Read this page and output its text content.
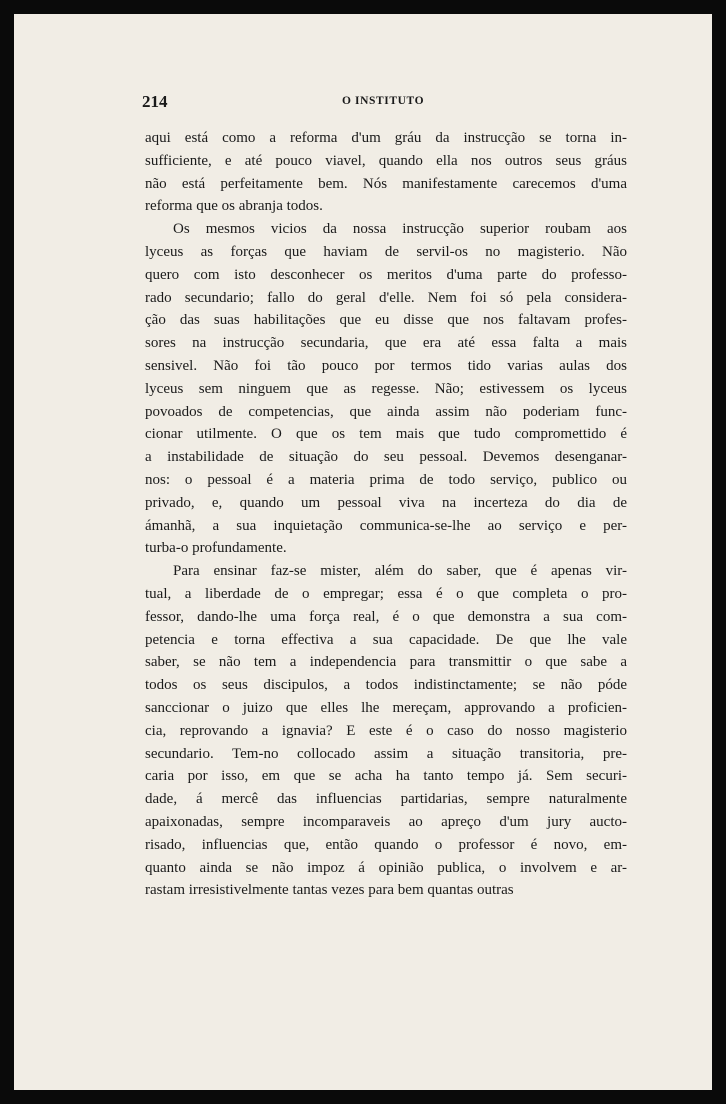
214	O INSTITUTO
aqui está como a reforma d'um gráu da instrucção se torna in-
sufficiente, e até pouco viavel, quando ella nos outros seus gráus
não está perfeitamente bem. Nós manifestamente carecemos d'uma
reforma que os abranja todos.
Os mesmos vicios da nossa instrucção superior roubam aos
lyceus as forças que haviam de servil-os no magisterio. Não
quero com isto desconhecer os meritos d'uma parte do professo-
rado secundario; fallo do geral d'elle. Nem foi só pela considera-
ção das suas habilitações que eu disse que nos faltavam profes-
sores na instrucção secundaria, que era até essa falta a mais
sensivel. Não foi tão pouco por termos tido varias aulas dos
lyceus sem ninguem que as regesse. Não; estivessem os lyceus
povoados de competencias, que ainda assim não poderiam func-
cionar utilmente. O que os tem mais que tudo compromettido é
a instabilidade de situação do seu pessoal. Devemos desenganar-
nos: o pessoal é a materia prima de todo serviço, publico ou
privado, e, quando um pessoal viva na incerteza do dia de
ámanhã, a sua inquietação communica-se-lhe ao serviço e per-
turba-o profundamente.
Para ensinar faz-se mister, além do saber, que é apenas vir-
tual, a liberdade de o empregar; essa é o que completa o pro-
fessor, dando-lhe uma força real, é o que demonstra a sua com-
petencia e torna effectiva a sua capacidade. De que lhe vale
saber, se não tem a independencia para transmittir o que sabe a
todos os seus discipulos, a todos indistinctamente; se não póde
sanccionar o juizo que elles lhe mereçam, approvando a proficien-
cia, reprovando a ignavia? E este é o caso do nosso magisterio
secundario. Tem-no collocado assim a situação transitoria, pre-
caria por isso, em que se acha ha tanto tempo já. Sem securi-
dade, á mercê das influencias partidarias, sempre naturalmente
apaixonadas, sempre incomparaveis ao apreço d'um jury aucto-
risado, influencias que, então quando o professor é novo, em-
quanto ainda se não impoz á opinião publica, o involvem e ar-
rastam irresistivelmente tantas vezes para bem quantas outras
